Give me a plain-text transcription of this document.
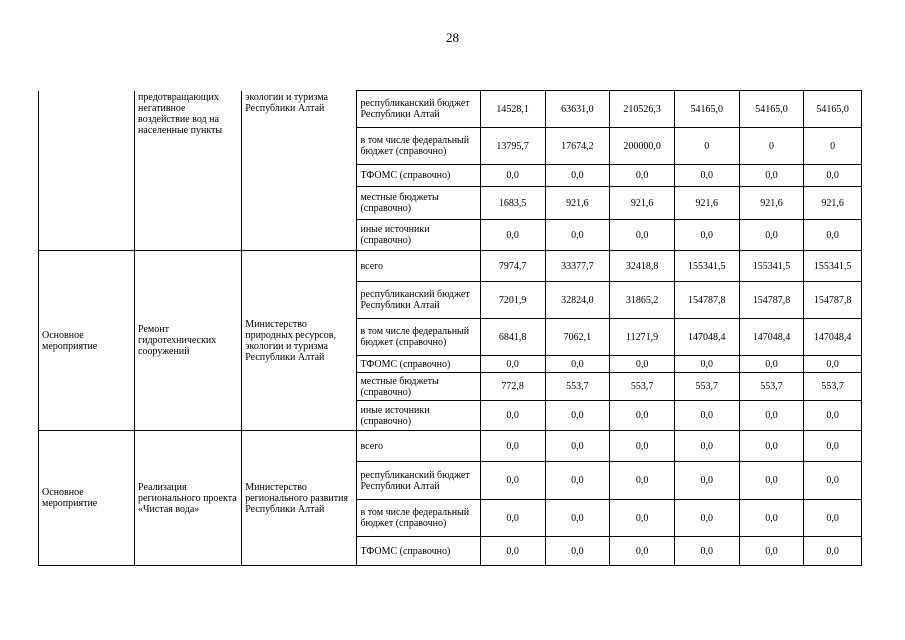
28
	предотвращающих негативное воздействие вод на населенные пункты	экологии и туризма Республики Алтай	республиканский бюджет Республики Алтай	14528,1	63631,0	210526,3	54165,0	54165,0	54165,0
			в том числе федеральный бюджет (справочно)	13795,7	17674,2	200000,0	0	0	0
			ТФОМС (справочно)	0,0	0,0	0,0	0,0	0,0	0,0
			местные бюджеты (справочно)	1683,5	921,6	921,6	921,6	921,6	921,6
			иные источники (справочно)	0,0	0,0	0,0	0,0	0,0	0,0
Основное мероприятие	Ремонт гидротехнических сооружений	Министерство природных ресурсов, экологии и туризма Республики Алтай	всего	7974,7	33377,7	32418,8	155341,5	155341,5	155341,5
			республиканский бюджет Республики Алтай	7201,9	32824,0	31865,2	154787,8	154787,8	154787,8
			в том числе федеральный бюджет (справочно)	6841,8	7062,1	11271,9	147048,4	147048,4	147048,4
			ТФОМС (справочно)	0,0	0,0	0,0	0,0	0,0	0,0
			местные бюджеты (справочно)	772,8	553,7	553,7	553,7	553,7	553,7
			иные источники (справочно)	0,0	0,0	0,0	0,0	0,0	0,0
Основное мероприятие	Реализация регионального проекта «Чистая вода»	Министерство регионального развития Республики Алтай	всего	0,0	0,0	0,0	0,0	0,0	0,0
			республиканский бюджет Республики Алтай	0,0	0,0	0,0	0,0	0,0	0,0
			в том числе федеральный бюджет (справочно)	0,0	0,0	0,0	0,0	0,0	0,0
			ТФОМС (справочно)	0,0	0,0	0,0	0,0	0,0	0,0
